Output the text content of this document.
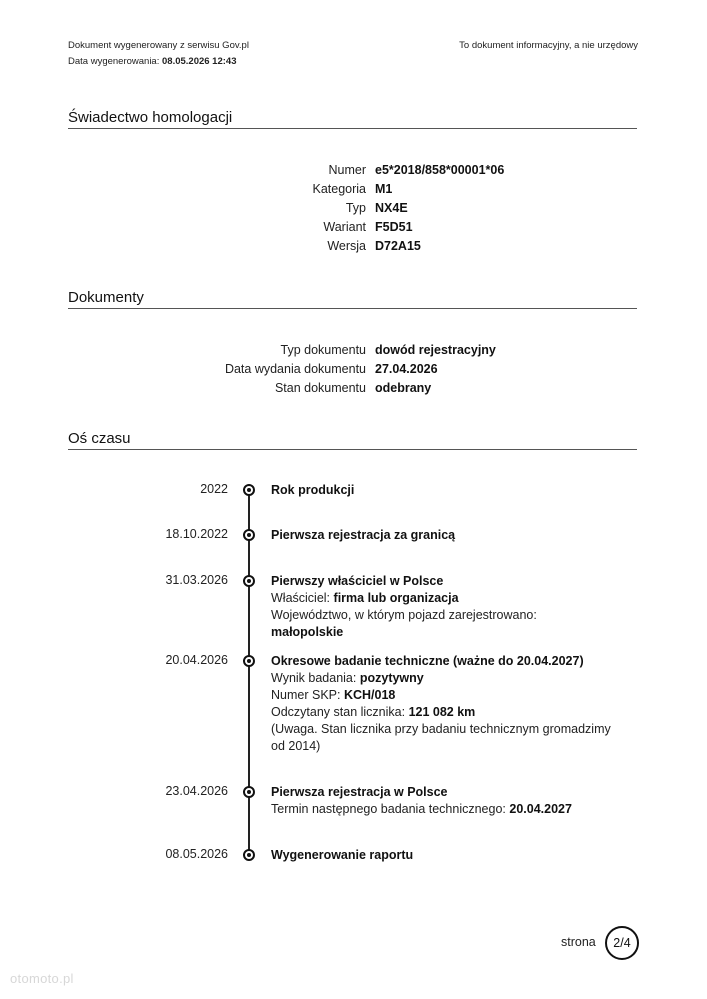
Dokument wygenerowany z serwisu Gov.pl
Data wygenerowania: 08.05.2026 12:43
To dokument informacyjny, a nie urzędowy
Świadectwo homologacji
Numer e5*2018/858*00001*06
Kategoria M1
Typ NX4E
Wariant F5D51
Wersja D72A15
Dokumenty
Typ dokumentu dowód rejestracyjny
Data wydania dokumentu 27.04.2026
Stan dokumentu odebrany
Oś czasu
2022	Rok produkcji
18.10.2022	Pierwsza rejestracja za granicą
31.03.2026	Pierwszy właściciel w Polsce
Właściciel: firma lub organizacja
Województwo, w którym pojazd zarejestrowano: małopolskie
20.04.2026	Okresowe badanie techniczne (ważne do 20.04.2027)
Wynik badania: pozytywny
Numer SKP: KCH/018
Odczytany stan licznika: 121 082 km
(Uwaga. Stan licznika przy badaniu technicznym gromadzimy od 2014)
23.04.2026	Pierwsza rejestracja w Polsce
Termin następnego badania technicznego: 20.04.2027
08.05.2026	Wygenerowanie raportu
strona	2/4
otomoto.pl
